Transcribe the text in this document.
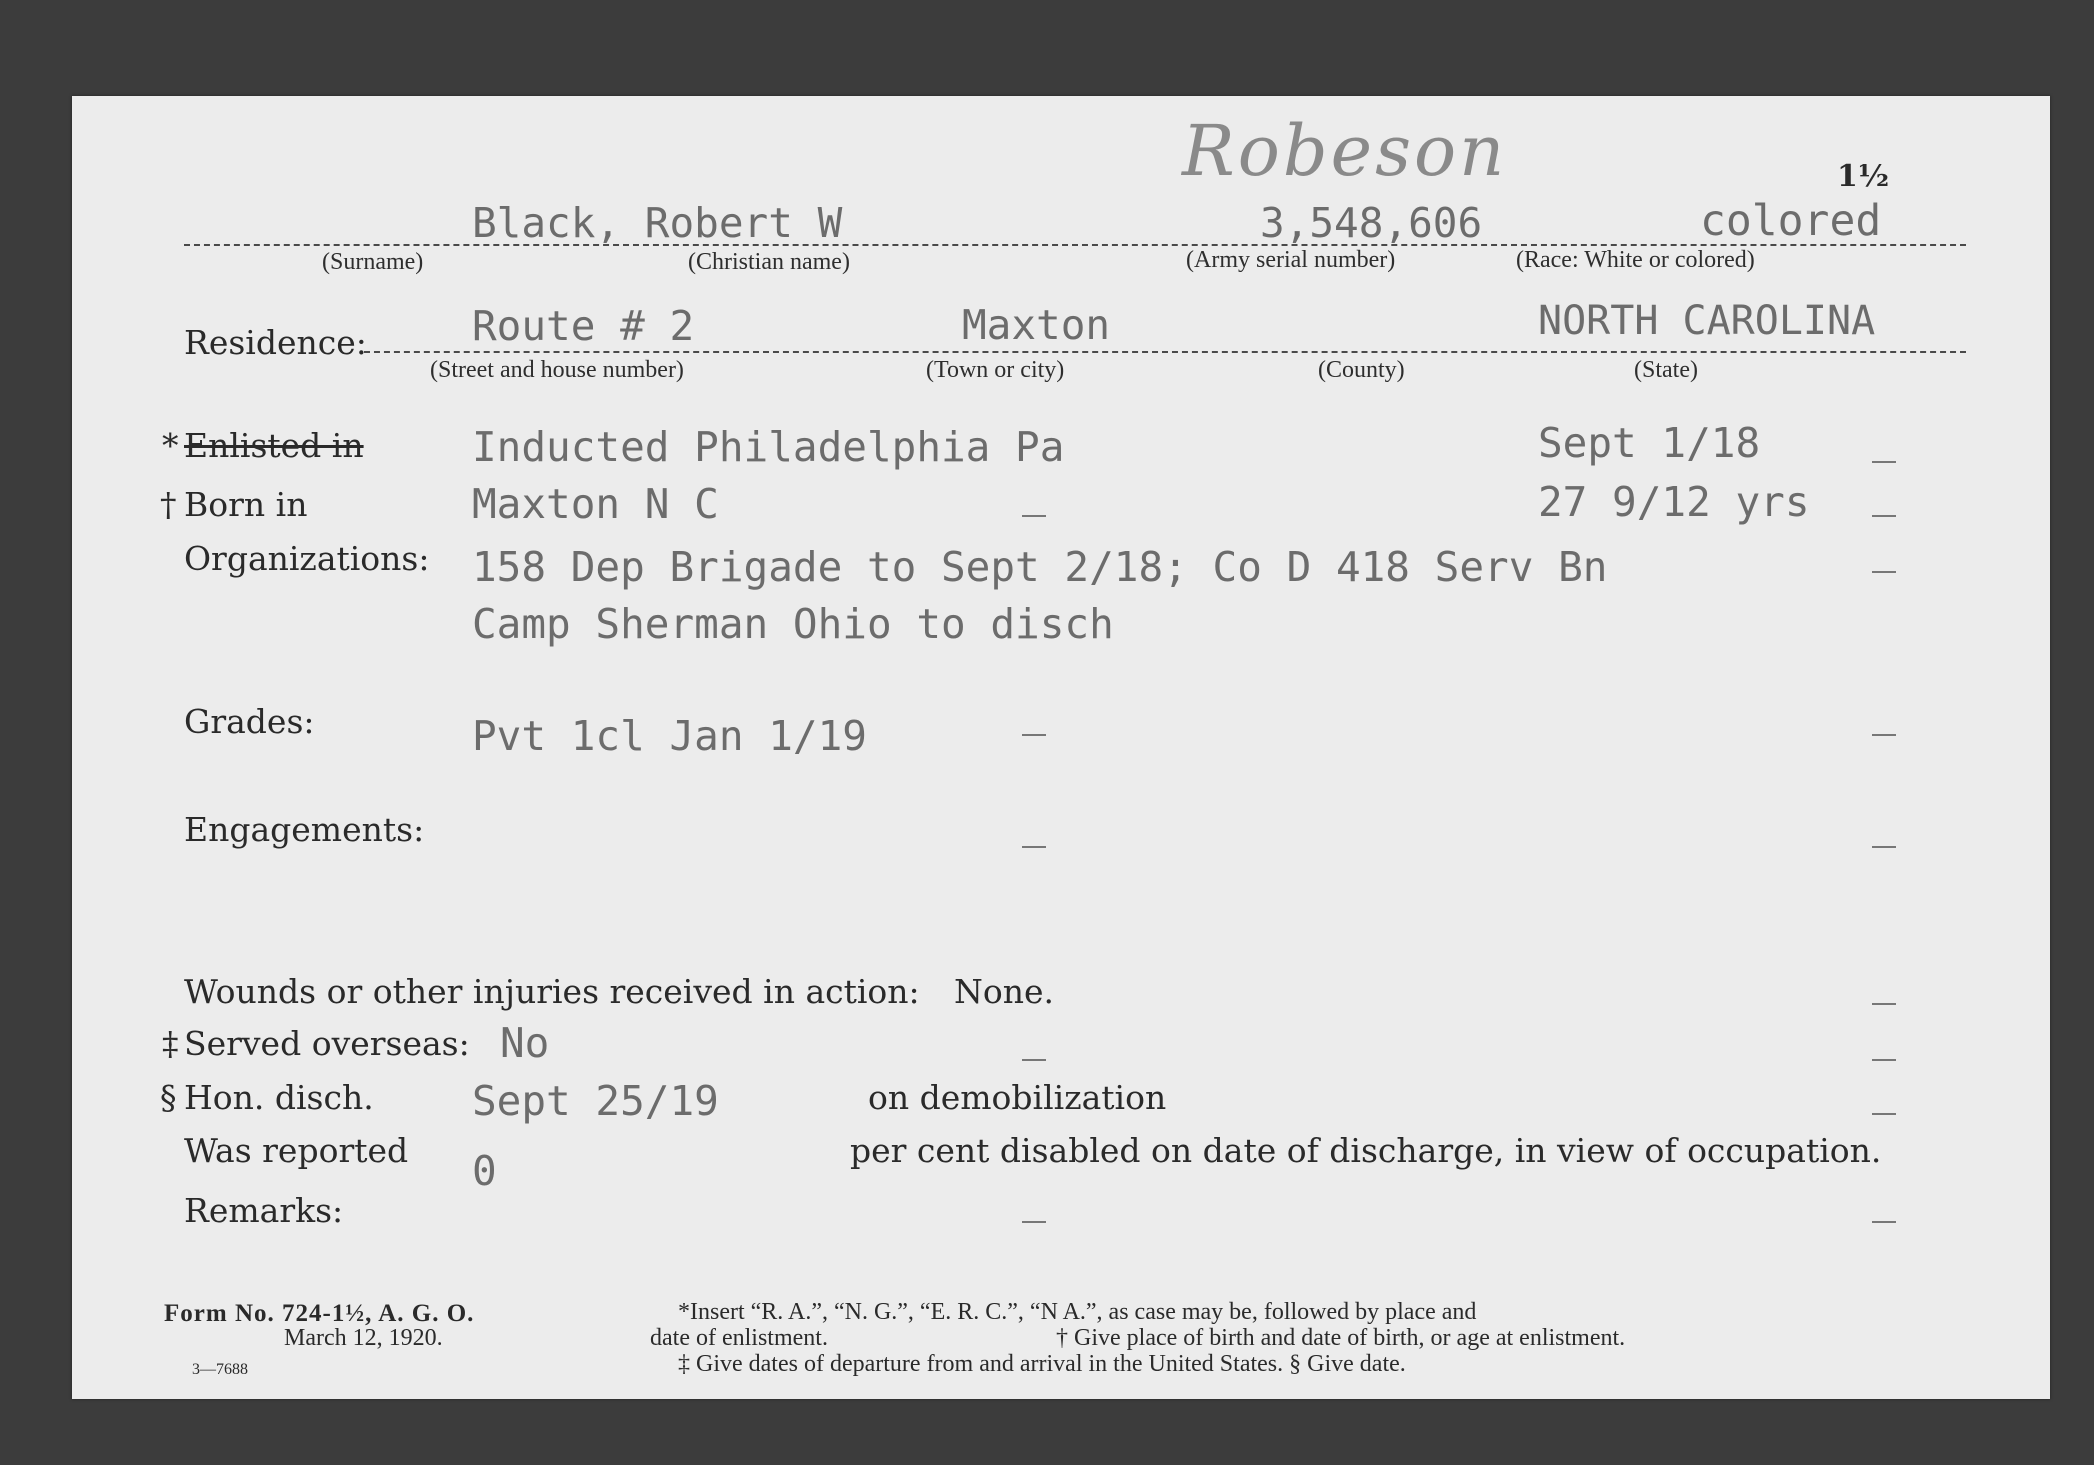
Robeson	1½
Black, Robert W	3,548,606	colored
(Surname)	(Christian name)	(Army serial number)	(Race: White or colored)
Residence:	Route # 2	Maxton	NORTH CAROLINA
(Street and house number)	(Town or city)	(County)	(State)
* Enlisted in	Inducted Philadelphia Pa	Sept 1/18
† Born in	Maxton N C	27 9/12 yrs
Organizations: 158 Dep Brigade to Sept 2/18; Co D 418 Serv Bn
Camp Sherman Ohio to disch
Grades:	Pvt 1cl Jan 1/19
Engagements:
Wounds or other injuries received in action: None.
‡ Served overseas: No
§ Hon. disch. Sept 25/19	on demobilization
Was reported 0	per cent disabled on date of discharge, in view of occupation.
Remarks:
Form No. 724-1½, A. G. O.
March 12, 1920.
3—7688
*Insert “R. A.”, “N. G.”, “E. R. C.”, “N A.”, as case may be, followed by place and
date of enlistment.	† Give place of birth and date of birth, or age at enlistment.
‡ Give dates of departure from and arrival in the United States. § Give date.
